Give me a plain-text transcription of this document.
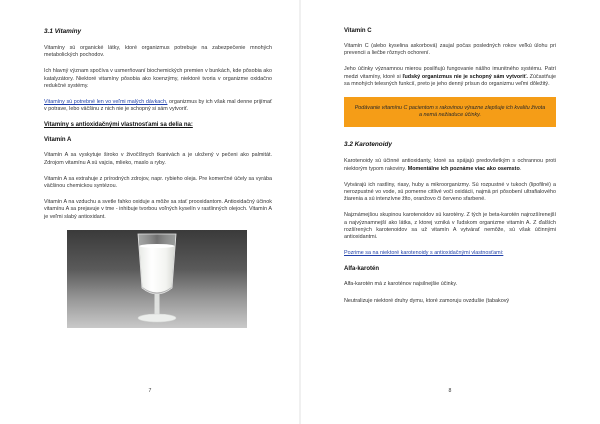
3.1 Vitamíny

Vitamíny sú organické látky, ktoré organizmus potrebuje na zabezpečenie mnohých metabolických pochodov.

Ich hlavný význam spočíva v usmerňovaní biochemických premien v bunkách, kde pôsobia ako katalyzátory. Niektoré vitamíny pôsobia ako koenzýmy, niektoré tvoria v organizme oxidačno redukčné systémy.

Vitamíny sú potrebné len vo veľmi malých dávkach, organizmus by ich však mal denne prijímať v potrave, lebo väčšinu z nich nie je schopný si sám vytvoriť.

Vitamíny s antioxidačnými vlastnosťami sa delia na:
Vitamín A

Vitamín A sa vyskytuje široko v živočíšnych tkanivách a je uložený v pečeni ako palmitát. Zdrojom vitamínu A sú vajcia, mlieko, maslo a ryby.

Vitamín A sa extrahuje z prírodných zdrojov, napr. rybieho oleja. Pre komerčné účely sa vyrába väčšinou chemickou syntézou.

Vitamín A na vzduchu a svetle fahko oxiduje a môže sa stať prooxidantom. Antioxidačný účinok vitamínu A sa prejavuje v tme - inhibuje tvorbou voľných kyselín v rastlinných olejoch. Vitamín A je veľmi slabý antioxidant.

7
Vitamín C

Vitamín C (alebo kyselina askorbová) zaujal počas posledných rokov veľkú úlohu pri prevencii a liečbe rôznych ochorení.

Jeho účinky významnou mierou posilňujú fungovanie nášho imunitného systému. Patrí medzi vitamíny, ktoré si ľudský organizmus nie je schopný sám vytvoriť. Zúčastňuje sa mnohých telesných funkcií, preto je jeho denný prísun do organizmu veľmi dôležitý.

Podávanie vitamínu C pacientom s rakovinou výrazne zlepšuje ich kvalitu života a nemá nežiaduce účinky.

3.2 Karotenoidy

Karotenoidy sú účinné antioxidanty, ktoré sa spájajú predovšetkým s ochrannou proti niektorým typom rakoviny. Momentálne ich poznáme viac ako osemsto.

Vytvárajú ich rastliny, riasy, huby a mikroorganizmy. Sú rozpustné v tukoch (lipofilné) a nerozpustné vo vode, sú pomerne citlivé voči oxidácii, najmä pri pôsobení ultrafialového žiarenia a sú intenzívne žlto, oranžovo či červeno sfarbené.

Najznámejšou skupinou karotenoidov sú karotény. Z tých je beta-karotén najrozšírenejší a najvýznamnejší ako látka, z ktorej vzniká v ľudskom organizme vitamín A. Z ďalších rozšírených karotenoidov sa už vitamín A vytvárať nemôže, sú však účinnými antioxidantmi.

Pozrime sa na niektoré karotenoidy s antioxidačnými vlastnosťami:

Alfa-karotén

Alfa-karotén má z karoténov najsilnejšie účinky.

Neutralizuje niektoré druhy dymu, ktoré zamoruju ovzdušie (tabakový

8
